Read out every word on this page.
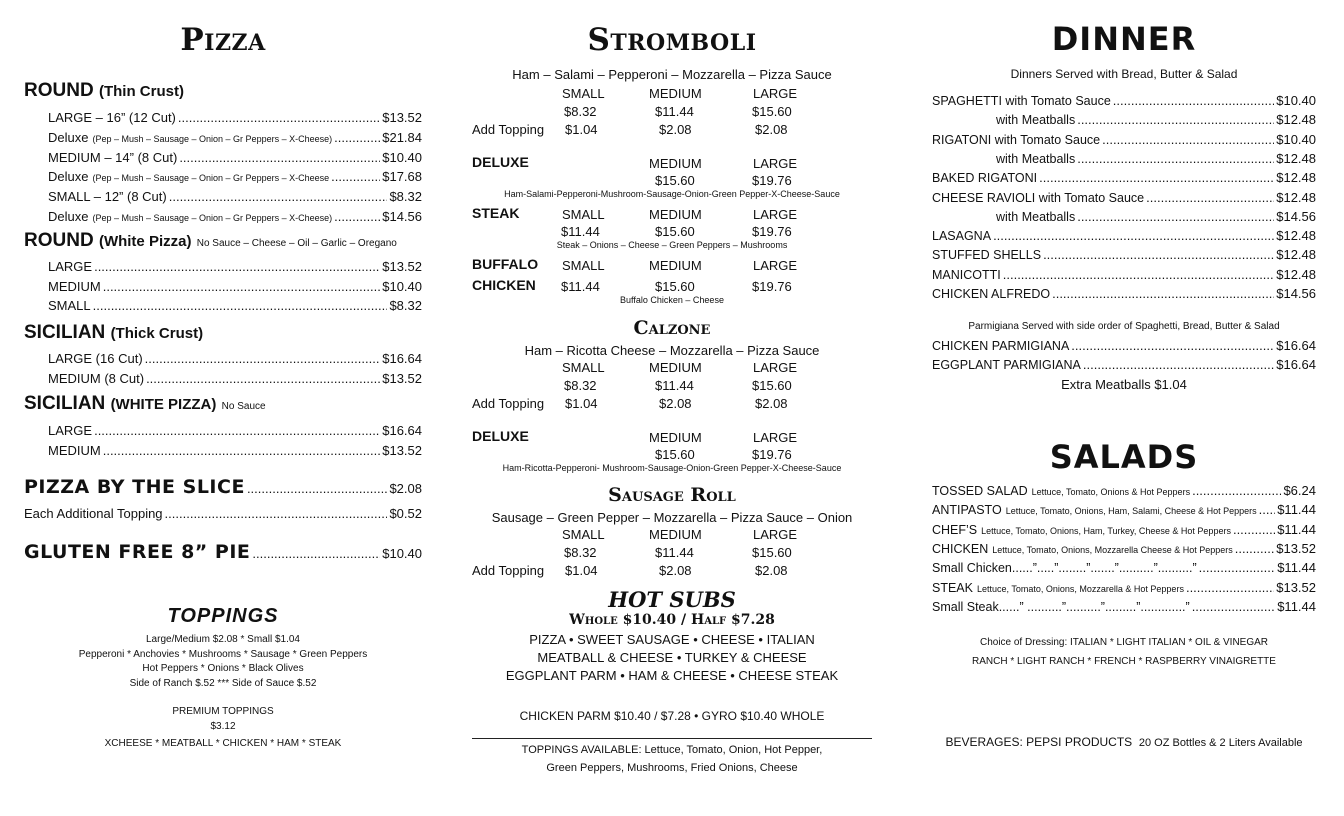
Pizza
ROUND (Thin Crust)
LARGE – 16” (12 Cut) .....	$13.52
Deluxe (Pep – Mush – Sausage – Onion – Gr Peppers – X-Cheese) .....	$21.84
MEDIUM – 14” (8 Cut) .....	$10.40
Deluxe (Pep – Mush – Sausage – Onion – Gr Peppers – X-Cheese .....	$17.68
SMALL – 12” (8 Cut) .....	$8.32
Deluxe (Pep – Mush – Sausage – Onion – Gr Peppers – X-Cheese) .....	$14.56
ROUND (White Pizza) No Sauce – Cheese – Oil – Garlic – Oregano
LARGE .....	$13.52
MEDIUM .....	$10.40
SMALL .....	$8.32
SICILIAN (Thick Crust)
LARGE (16 Cut) .....	$16.64
MEDIUM (8 Cut) .....	$13.52
SICILIAN (WHITE PIZZA) No Sauce
LARGE .....	$16.64
MEDIUM .....	$13.52
PIZZA BY THE SLICE .....	$2.08
Each Additional Topping .....	$0.52
GLUTEN FREE 8” PIE .....	$10.40
TOPPINGS
Large/Medium $2.08 * Small $1.04
Pepperoni * Anchovies * Mushrooms * Sausage * Green Peppers
Hot Peppers * Onions * Black Olives
Side of Ranch $.52 *** Side of Sauce $.52
PREMIUM TOPPINGS
$3.12
XCHEESE * MEATBALL * CHICKEN * HAM * STEAK
Stromboli
Ham – Salami – Pepperoni – Mozzarella – Pizza Sauce
SMALL	MEDIUM	LARGE
$8.32	$11.44	$15.60
Add Topping $1.04	$2.08	$2.08
DELUXE	MEDIUM	LARGE
$15.60	$19.76
Ham-Salami-Pepperoni-Mushroom-Sausage-Onion-Green Pepper-X-Cheese-Sauce
STEAK	SMALL	MEDIUM	LARGE
$11.44	$15.60	$19.76
Steak – Onions – Cheese – Green Peppers – Mushrooms
BUFFALO
CHICKEN
SMALL	MEDIUM	LARGE
$11.44	$15.60	$19.76
Buffalo Chicken – Cheese
Calzone
Ham – Ricotta Cheese – Mozzarella – Pizza Sauce
SMALL	MEDIUM	LARGE
$8.32	$11.44	$15.60
Add Topping $1.04	$2.08	$2.08
DELUXE	MEDIUM	LARGE
$15.60	$19.76
Ham-Ricotta-Pepperoni- Mushroom-Sausage-Onion-Green Pepper-X-Cheese-Sauce
Sausage Roll
Sausage – Green Pepper – Mozzarella – Pizza Sauce – Onion
SMALL	MEDIUM	LARGE
$8.32	$11.44	$15.60
Add Topping $1.04	$2.08	$2.08
HOT SUBS
Whole $10.40 / Half $7.28
PIZZA • SWEET SAUSAGE • CHEESE • ITALIAN
MEATBALL & CHEESE • TURKEY & CHEESE
EGGPLANT PARM • HAM & CHEESE • CHEESE STEAK
CHICKEN PARM $10.40 / $7.28 • GYRO $10.40 WHOLE
TOPPINGS AVAILABLE: Lettuce, Tomato, Onion, Hot Pepper,
Green Peppers, Mushrooms, Fried Onions, Cheese
DINNER
Dinners Served with Bread, Butter & Salad
SPAGHETTI with Tomato Sauce .....	$10.40
with Meatballs .....	$12.48
RIGATONI with Tomato Sauce .....	$10.40
with Meatballs .....	$12.48
BAKED RIGATONI .....	$12.48
CHEESE RAVIOLI with Tomato Sauce .....	$12.48
with Meatballs .....	$14.56
LASAGNA .....	$12.48
STUFFED SHELLS .....	$12.48
MANICOTTI .....	$12.48
CHICKEN ALFREDO .....	$14.56
Parmigiana Served with side order of Spaghetti, Bread, Butter & Salad
CHICKEN PARMIGIANA .....	$16.64
EGGPLANT PARMIGIANA .....	$16.64
Extra Meatballs $1.04
SALADS
TOSSED SALAD Lettuce, Tomato, Onions & Hot Peppers .....	$6.24
ANTIPASTO Lettuce, Tomato, Onions, Ham, Salami, Cheese & Hot Peppers ..... $11.44
CHEF’S Lettuce, Tomato, Onions, Ham, Turkey, Cheese & Hot Peppers .....	$11.44
CHICKEN Lettuce, Tomato, Onions, Mozzarella Cheese & Hot Peppers .....	$13.52
Small Chicken......”.....”........”.......”..........”..........” .....	$11.44
STEAK Lettuce, Tomato, Onions, Mozzarella & Hot Peppers .....	$13.52
Small Steak......” ..........”..........”.........”.............” .....	$11.44
Choice of Dressing: ITALIAN * LIGHT ITALIAN * OIL & VINEGAR
RANCH * LIGHT RANCH * FRENCH * RASPBERRY VINAIGRETTE
BEVERAGES: PEPSI PRODUCTS 20 OZ Bottles & 2 Liters Available
